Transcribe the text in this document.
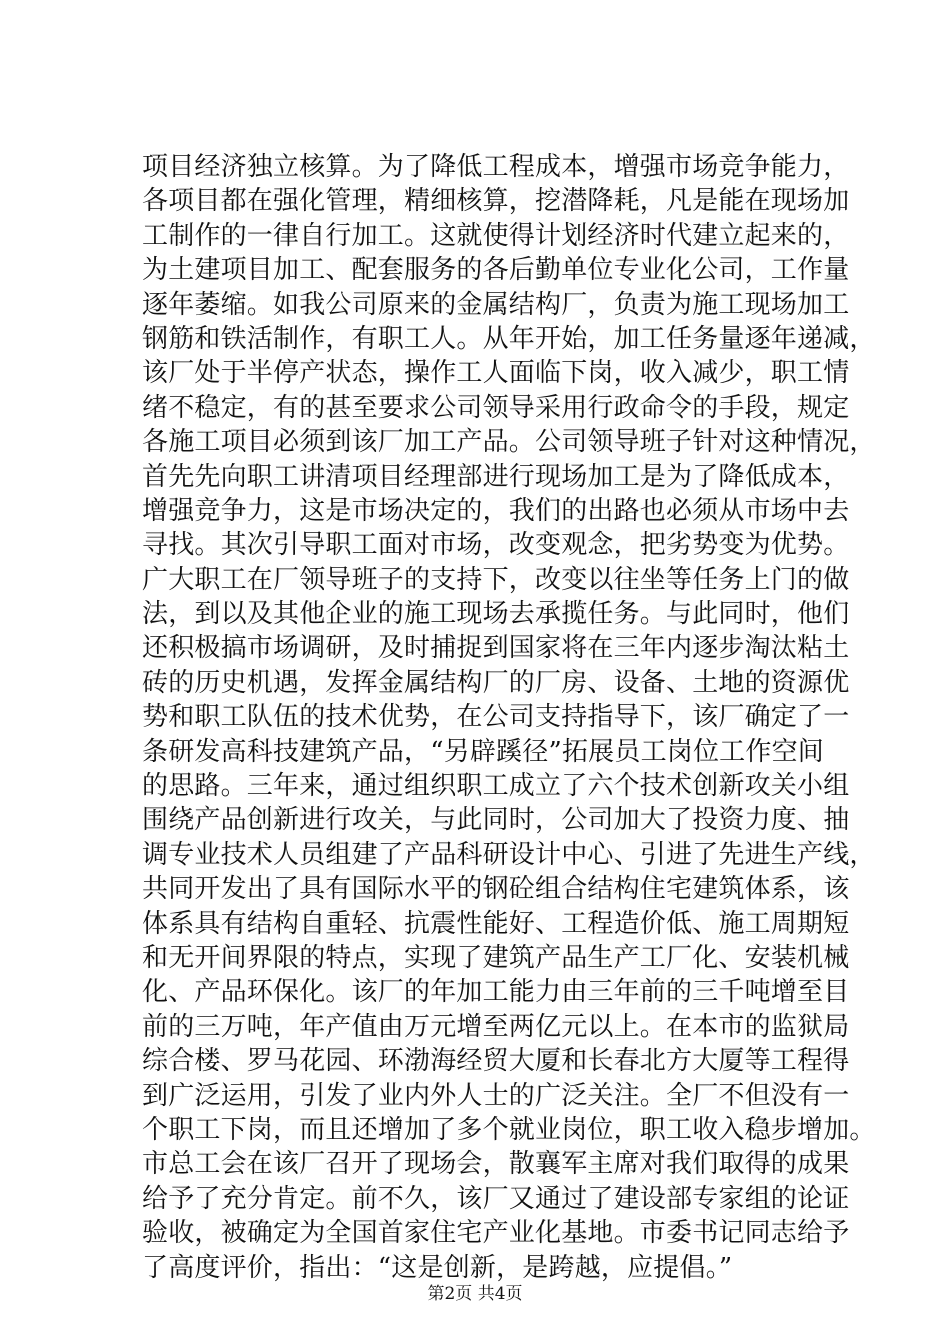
项目经济独立核算。为了降低工程成本，增强市场竞争能力，
各项目都在强化管理，精细核算，挖潜降耗，凡是能在现场加
工制作的一律自行加工。这就使得计划经济时代建立起来的，
为土建项目加工、配套服务的各后勤单位专业化公司，工作量
逐年萎缩。如我公司原来的金属结构厂，负责为施工现场加工
钢筋和铁活制作，有职工人。从年开始，加工任务量逐年递减，
该厂处于半停产状态，操作工人面临下岗，收入减少，职工情
绪不稳定，有的甚至要求公司领导采用行政命令的手段，规定
各施工项目必须到该厂加工产品。公司领导班子针对这种情况，
首先先向职工讲清项目经理部进行现场加工是为了降低成本，
增强竞争力，这是市场决定的，我们的出路也必须从市场中去
寻找。其次引导职工面对市场，改变观念，把劣势变为优势。
广大职工在厂领导班子的支持下，改变以往坐等任务上门的做
法，到以及其他企业的施工现场去承揽任务。与此同时，他们
还积极搞市场调研，及时捕捉到国家将在三年内逐步淘汰粘土
砖的历史机遇，发挥金属结构厂的厂房、设备、土地的资源优
势和职工队伍的技术优势，在公司支持指导下，该厂确定了一
条研发高科技建筑产品，“另辟蹊径”拓展员工岗位工作空间
的思路。三年来，通过组织职工成立了六个技术创新攻关小组
围绕产品创新进行攻关，与此同时，公司加大了投资力度、抽
调专业技术人员组建了产品科研设计中心、引进了先进生产线，
共同开发出了具有国际水平的钢砼组合结构住宅建筑体系，该
体系具有结构自重轻、抗震性能好、工程造价低、施工周期短
和无开间界限的特点，实现了建筑产品生产工厂化、安装机械
化、产品环保化。该厂的年加工能力由三年前的三千吨增至目
前的三万吨，年产值由万元增至两亿元以上。在本市的监狱局
综合楼、罗马花园、环渤海经贸大厦和长春北方大厦等工程得
到广泛运用，引发了业内外人士的广泛关注。全厂不但没有一
个职工下岗，而且还增加了多个就业岗位，职工收入稳步增加。
市总工会在该厂召开了现场会，散襄军主席对我们取得的成果
给予了充分肯定。前不久，该厂又通过了建设部专家组的论证
验收，被确定为全国首家住宅产业化基地。市委书记同志给予
了高度评价，指出：“这是创新，是跨越，应提倡。”
第2页 共4页
